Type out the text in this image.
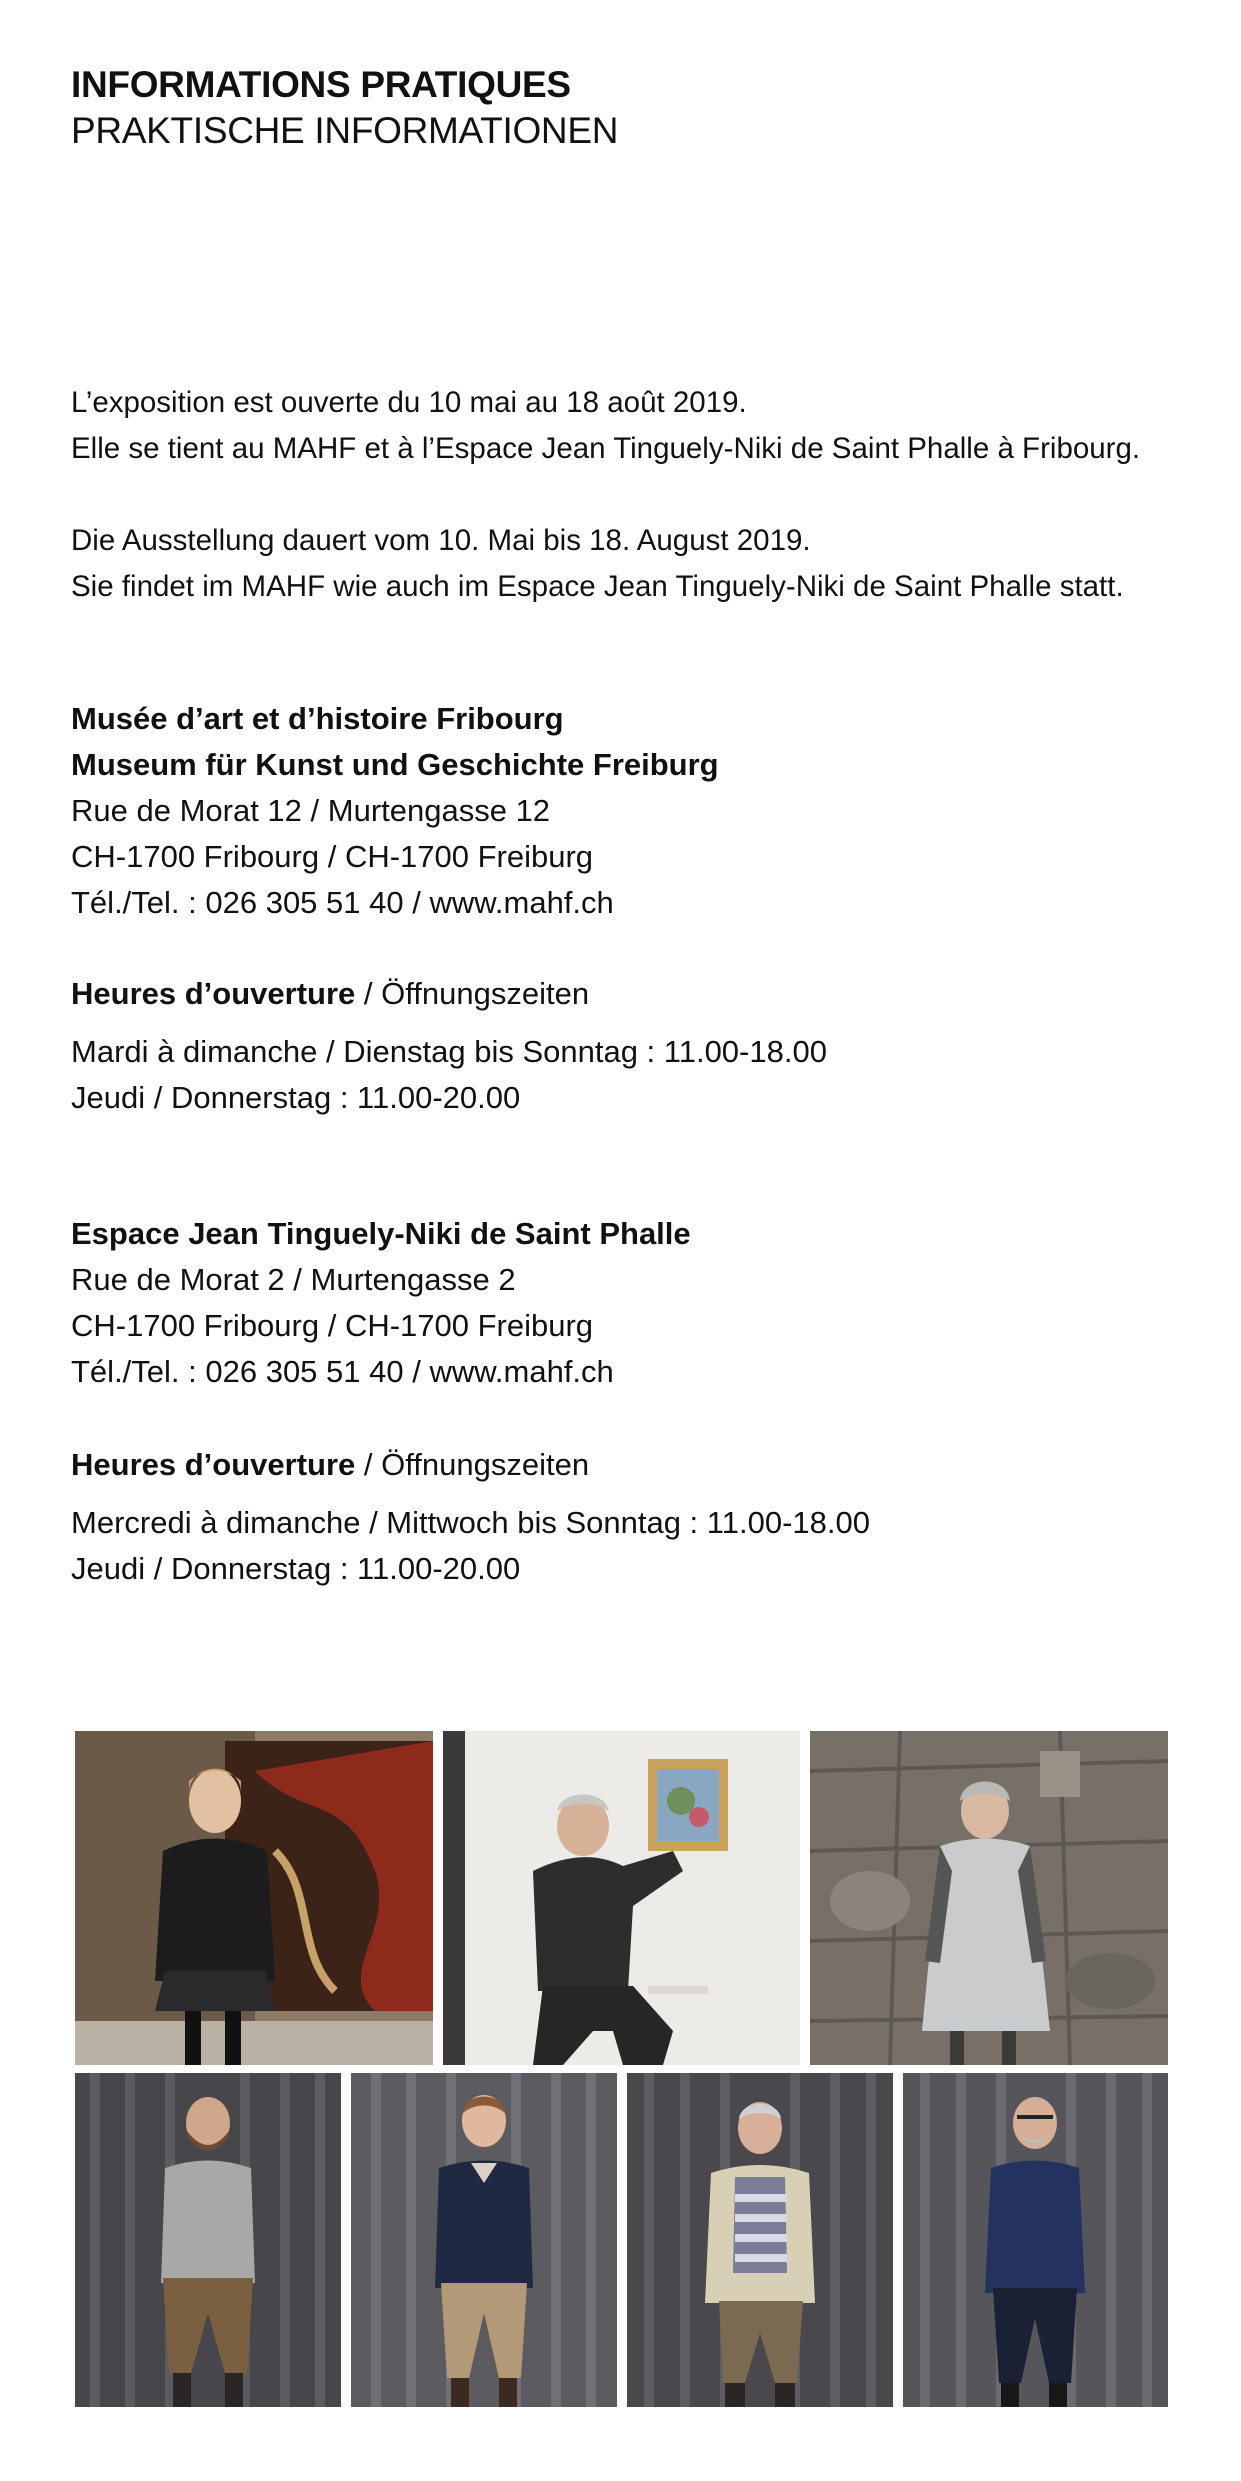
INFORMATIONS PRATIQUES
PRAKTISCHE INFORMATIONEN
L’exposition est ouverte du 10 mai au 18 août 2019.
Elle se tient au MAHF et à l’Espace Jean Tinguely-Niki de Saint Phalle à Fribourg.
Die Ausstellung dauert vom 10. Mai bis 18. August 2019.
Sie findet im MAHF wie auch im Espace Jean Tinguely-Niki de Saint Phalle statt.
Musée d’art et d’histoire Fribourg
Museum für Kunst und Geschichte Freiburg
Rue de Morat 12 / Murtengasse 12
CH-1700 Fribourg / CH-1700 Freiburg
Tél./Tel. : 026 305 51 40 / www.mahf.ch
Heures d’ouverture / Öffnungszeiten
Mardi à dimanche / Dienstag bis Sonntag : 11.00-18.00
Jeudi / Donnerstag : 11.00-20.00
Espace Jean Tinguely-Niki de Saint Phalle
Rue de Morat 2 / Murtengasse 2
CH-1700 Fribourg / CH-1700 Freiburg
Tél./Tel. : 026 305 51 40 / www.mahf.ch
Heures d’ouverture / Öffnungszeiten
Mercredi à dimanche / Mittwoch bis Sonntag : 11.00-18.00
Jeudi / Donnerstag : 11.00-20.00
